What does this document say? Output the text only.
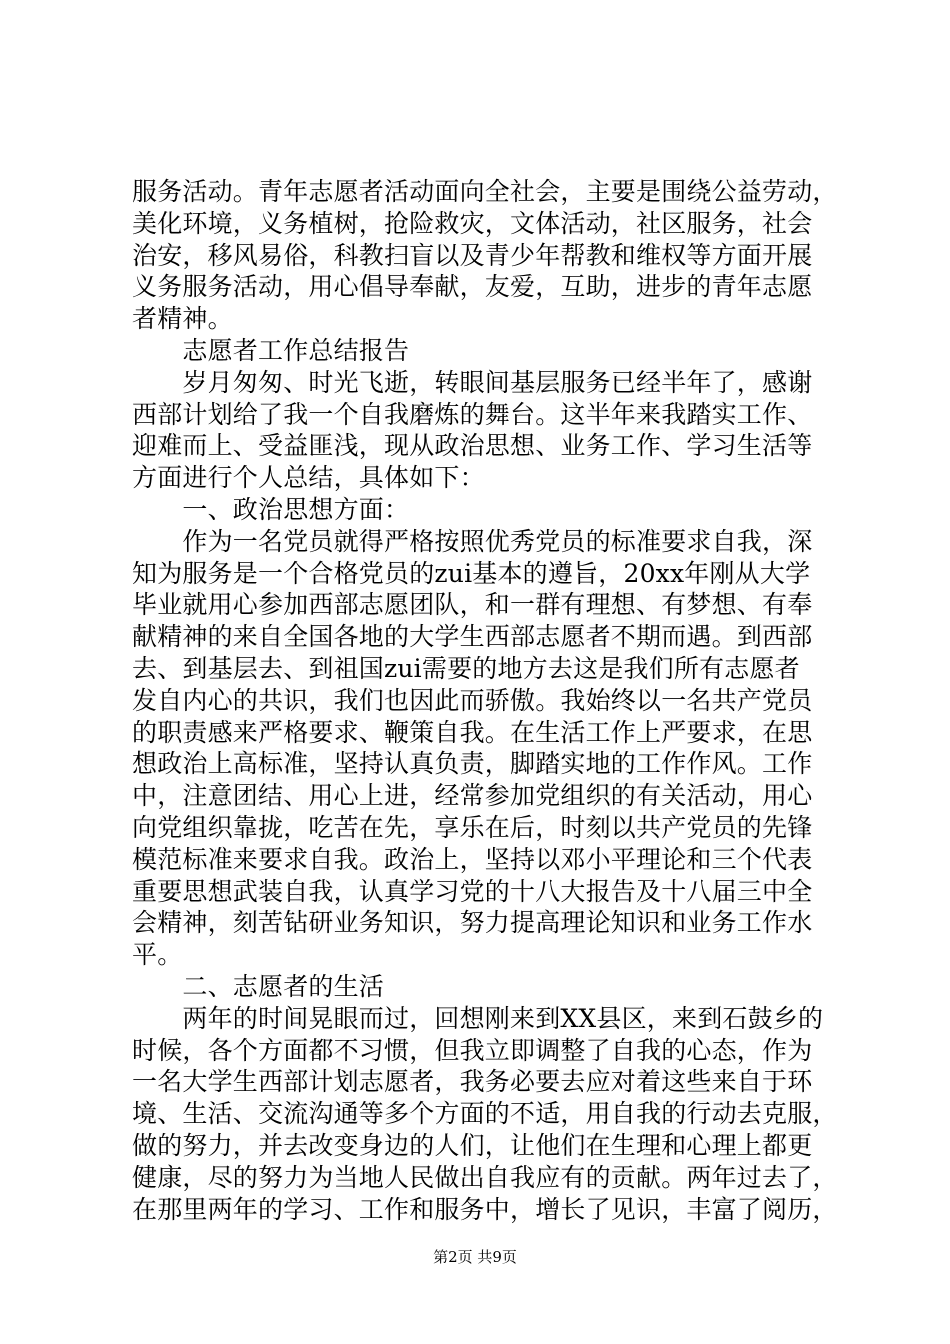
服务活动。青年志愿者活动面向全社会，主要是围绕公益劳动，
美化环境，义务植树，抢险救灾，文体活动，社区服务，社会
治安，移风易俗，科教扫盲以及青少年帮教和维权等方面开展
义务服务活动，用心倡导奉献，友爱，互助，进步的青年志愿
者精神。
　　志愿者工作总结报告
　　岁月匆匆、时光飞逝，转眼间基层服务已经半年了，感谢
西部计划给了我一个自我磨炼的舞台。这半年来我踏实工作、
迎难而上、受益匪浅，现从政治思想、业务工作、学习生活等
方面进行个人总结，具体如下：
　　一、政治思想方面：
　　作为一名党员就得严格按照优秀党员的标准要求自我，深
知为服务是一个合格党员的zui基本的遵旨，20xx年刚从大学
毕业就用心参加西部志愿团队，和一群有理想、有梦想、有奉
献精神的来自全国各地的大学生西部志愿者不期而遇。到西部
去、到基层去、到祖国zui需要的地方去这是我们所有志愿者
发自内心的共识，我们也因此而骄傲。我始终以一名共产党员
的职责感来严格要求、鞭策自我。在生活工作上严要求，在思
想政治上高标准，坚持认真负责，脚踏实地的工作作风。工作
中，注意团结、用心上进，经常参加党组织的有关活动，用心
向党组织靠拢，吃苦在先，享乐在后，时刻以共产党员的先锋
模范标准来要求自我。政治上，坚持以邓小平理论和三个代表
重要思想武装自我，认真学习党的十八大报告及十八届三中全
会精神，刻苦钻研业务知识，努力提高理论知识和业务工作水
平。
　　二、志愿者的生活
　　两年的时间晃眼而过，回想刚来到XX县区，来到石鼓乡的
时候，各个方面都不习惯，但我立即调整了自我的心态，作为
一名大学生西部计划志愿者，我务必要去应对着这些来自于环
境、生活、交流沟通等多个方面的不适，用自我的行动去克服，
做的努力，并去改变身边的人们，让他们在生理和心理上都更
健康，尽的努力为当地人民做出自我应有的贡献。两年过去了，
在那里两年的学习、工作和服务中，增长了见识，丰富了阅历，
第2页 共9页
